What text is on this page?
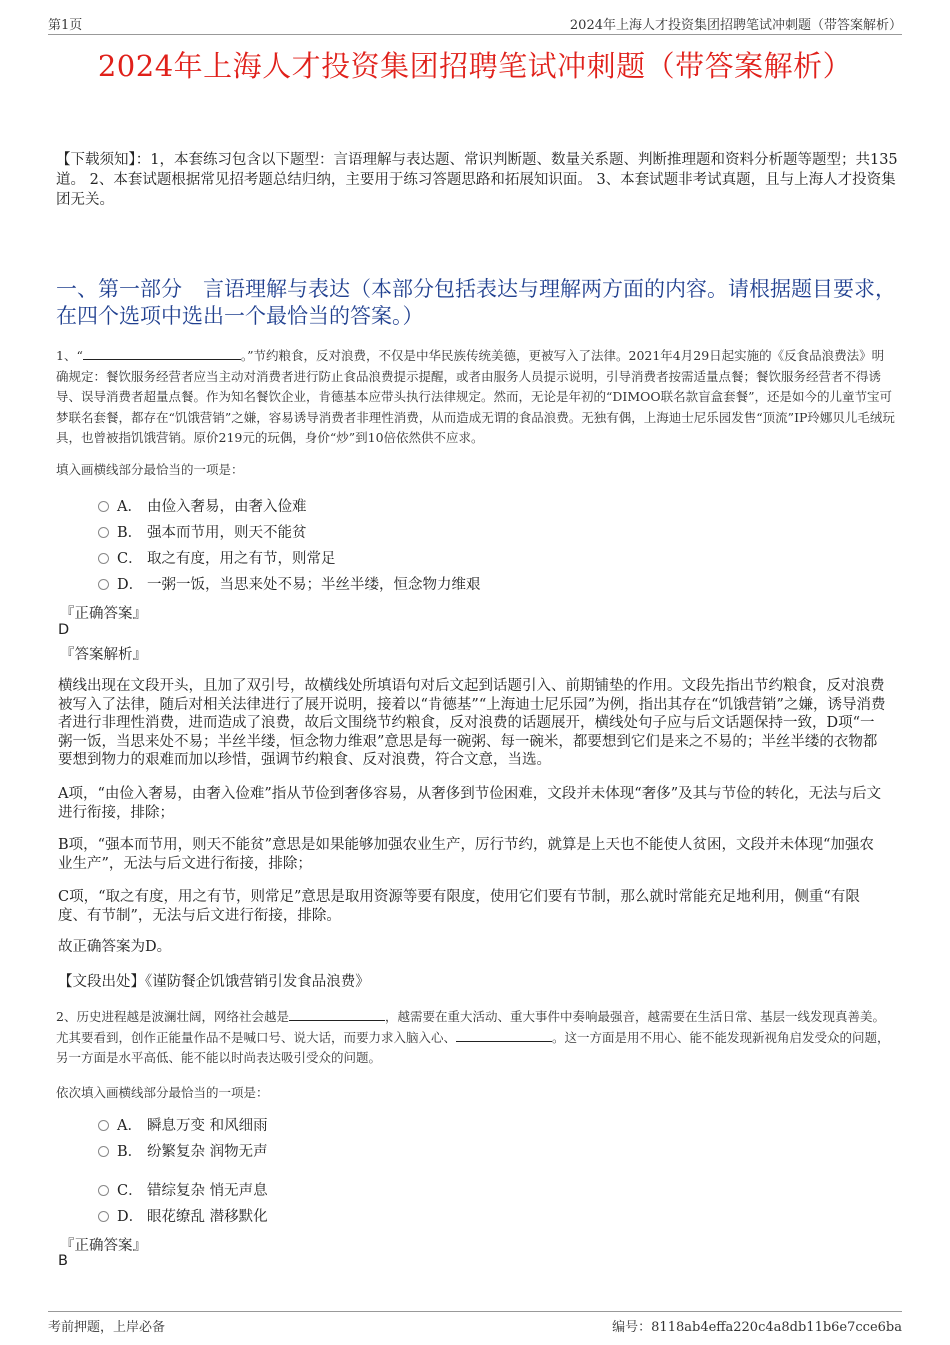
第1页	2024年上海人才投资集团招聘笔试冲刺题（带答案解析）
2024年上海人才投资集团招聘笔试冲刺题（带答案解析）
【下载须知】：1，本套练习包含以下题型：言语理解与表达题、常识判断题、数量关系题、判断推理题和资料分析题等题型；共135道。 2、本套试题根据常见招考题总结归纳，主要用于练习答题思路和拓展知识面。 3、本套试题非考试真题，且与上海人才投资集团无关。
一、第一部分　言语理解与表达（本部分包括表达与理解两方面的内容。请根据题目要求，在四个选项中选出一个最恰当的答案。）
1、“	。”节约粮食，反对浪费，不仅是中华民族传统美德，更被写入了法律。2021年4月29日起实施的《反食品浪费法》明确规定：餐饮服务经营者应当主动对消费者进行防止食品浪费提示提醒，或者由服务人员提示说明，引导消费者按需适量点餐；餐饮服务经营者不得诱导、误导消费者超量点餐。作为知名餐饮企业，肯德基本应带头执行法律规定。然而，无论是年初的“DIMOO联名款盲盒套餐”，还是如今的儿童节宝可梦联名套餐，都存在“饥饿营销”之嫌，容易诱导消费者非理性消费，从而造成无谓的食品浪费。无独有偶，上海迪士尼乐园发售“顶流”IP玲娜贝儿毛绒玩具，也曾被指饥饿营销。原价219元的玩偶，身价“炒”到10倍依然供不应求。
填入画横线部分最恰当的一项是：
A． 由俭入奢易，由奢入俭难
B． 强本而节用，则天不能贫
C． 取之有度，用之有节，则常足
D． 一粥一饭，当思来处不易；半丝半缕，恒念物力维艰
『正确答案』
D
『答案解析』
横线出现在文段开头，且加了双引号，故横线处所填语句对后文起到话题引入、前期铺垫的作用。文段先指出节约粮食，反对浪费被写入了法律，随后对相关法律进行了展开说明，接着以“肯德基”“上海迪士尼乐园”为例，指出其存在“饥饿营销”之嫌，诱导消费者进行非理性消费，进而造成了浪费，故后文围绕节约粮食，反对浪费的话题展开，横线处句子应与后文话题保持一致，D项“一粥一饭，当思来处不易；半丝半缕，恒念物力维艰”意思是每一碗粥、每一碗米，都要想到它们是来之不易的；半丝半缕的衣物都要想到物力的艰难而加以珍惜，强调节约粮食、反对浪费，符合文意，当选。
A项，“由俭入奢易，由奢入俭难”指从节俭到奢侈容易，从奢侈到节俭困难，文段并未体现“奢侈”及其与节俭的转化，无法与后文进行衔接，排除；
B项，“强本而节用，则天不能贫”意思是如果能够加强农业生产，厉行节约，就算是上天也不能使人贫困，文段并未体现“加强农业生产”，无法与后文进行衔接，排除；
C项，“取之有度，用之有节，则常足”意思是取用资源等要有限度，使用它们要有节制，那么就时常能充足地利用，侧重“有限度、有节制”，无法与后文进行衔接，排除。
故正确答案为D。
【文段出处】《谨防餐企饥饿营销引发食品浪费》
2、历史进程越是波澜壮阔，网络社会越是	，越需要在重大活动、重大事件中奏响最强音，越需要在生活日常、基层一线发现真善美。尤其要看到，创作正能量作品不是喊口号、说大话，而要力求入脑入心、	。这一方面是用不用心、能不能发现新视角启发受众的问题，另一方面是水平高低、能不能以时尚表达吸引受众的问题。
依次填入画横线部分最恰当的一项是：
A． 瞬息万变 和风细雨
B． 纷繁复杂 润物无声
C． 错综复杂 悄无声息
D． 眼花缭乱 潜移默化
『正确答案』
B
考前押题，上岸必备	编号：8118ab4effa220c4a8db11b6e7cce6ba
